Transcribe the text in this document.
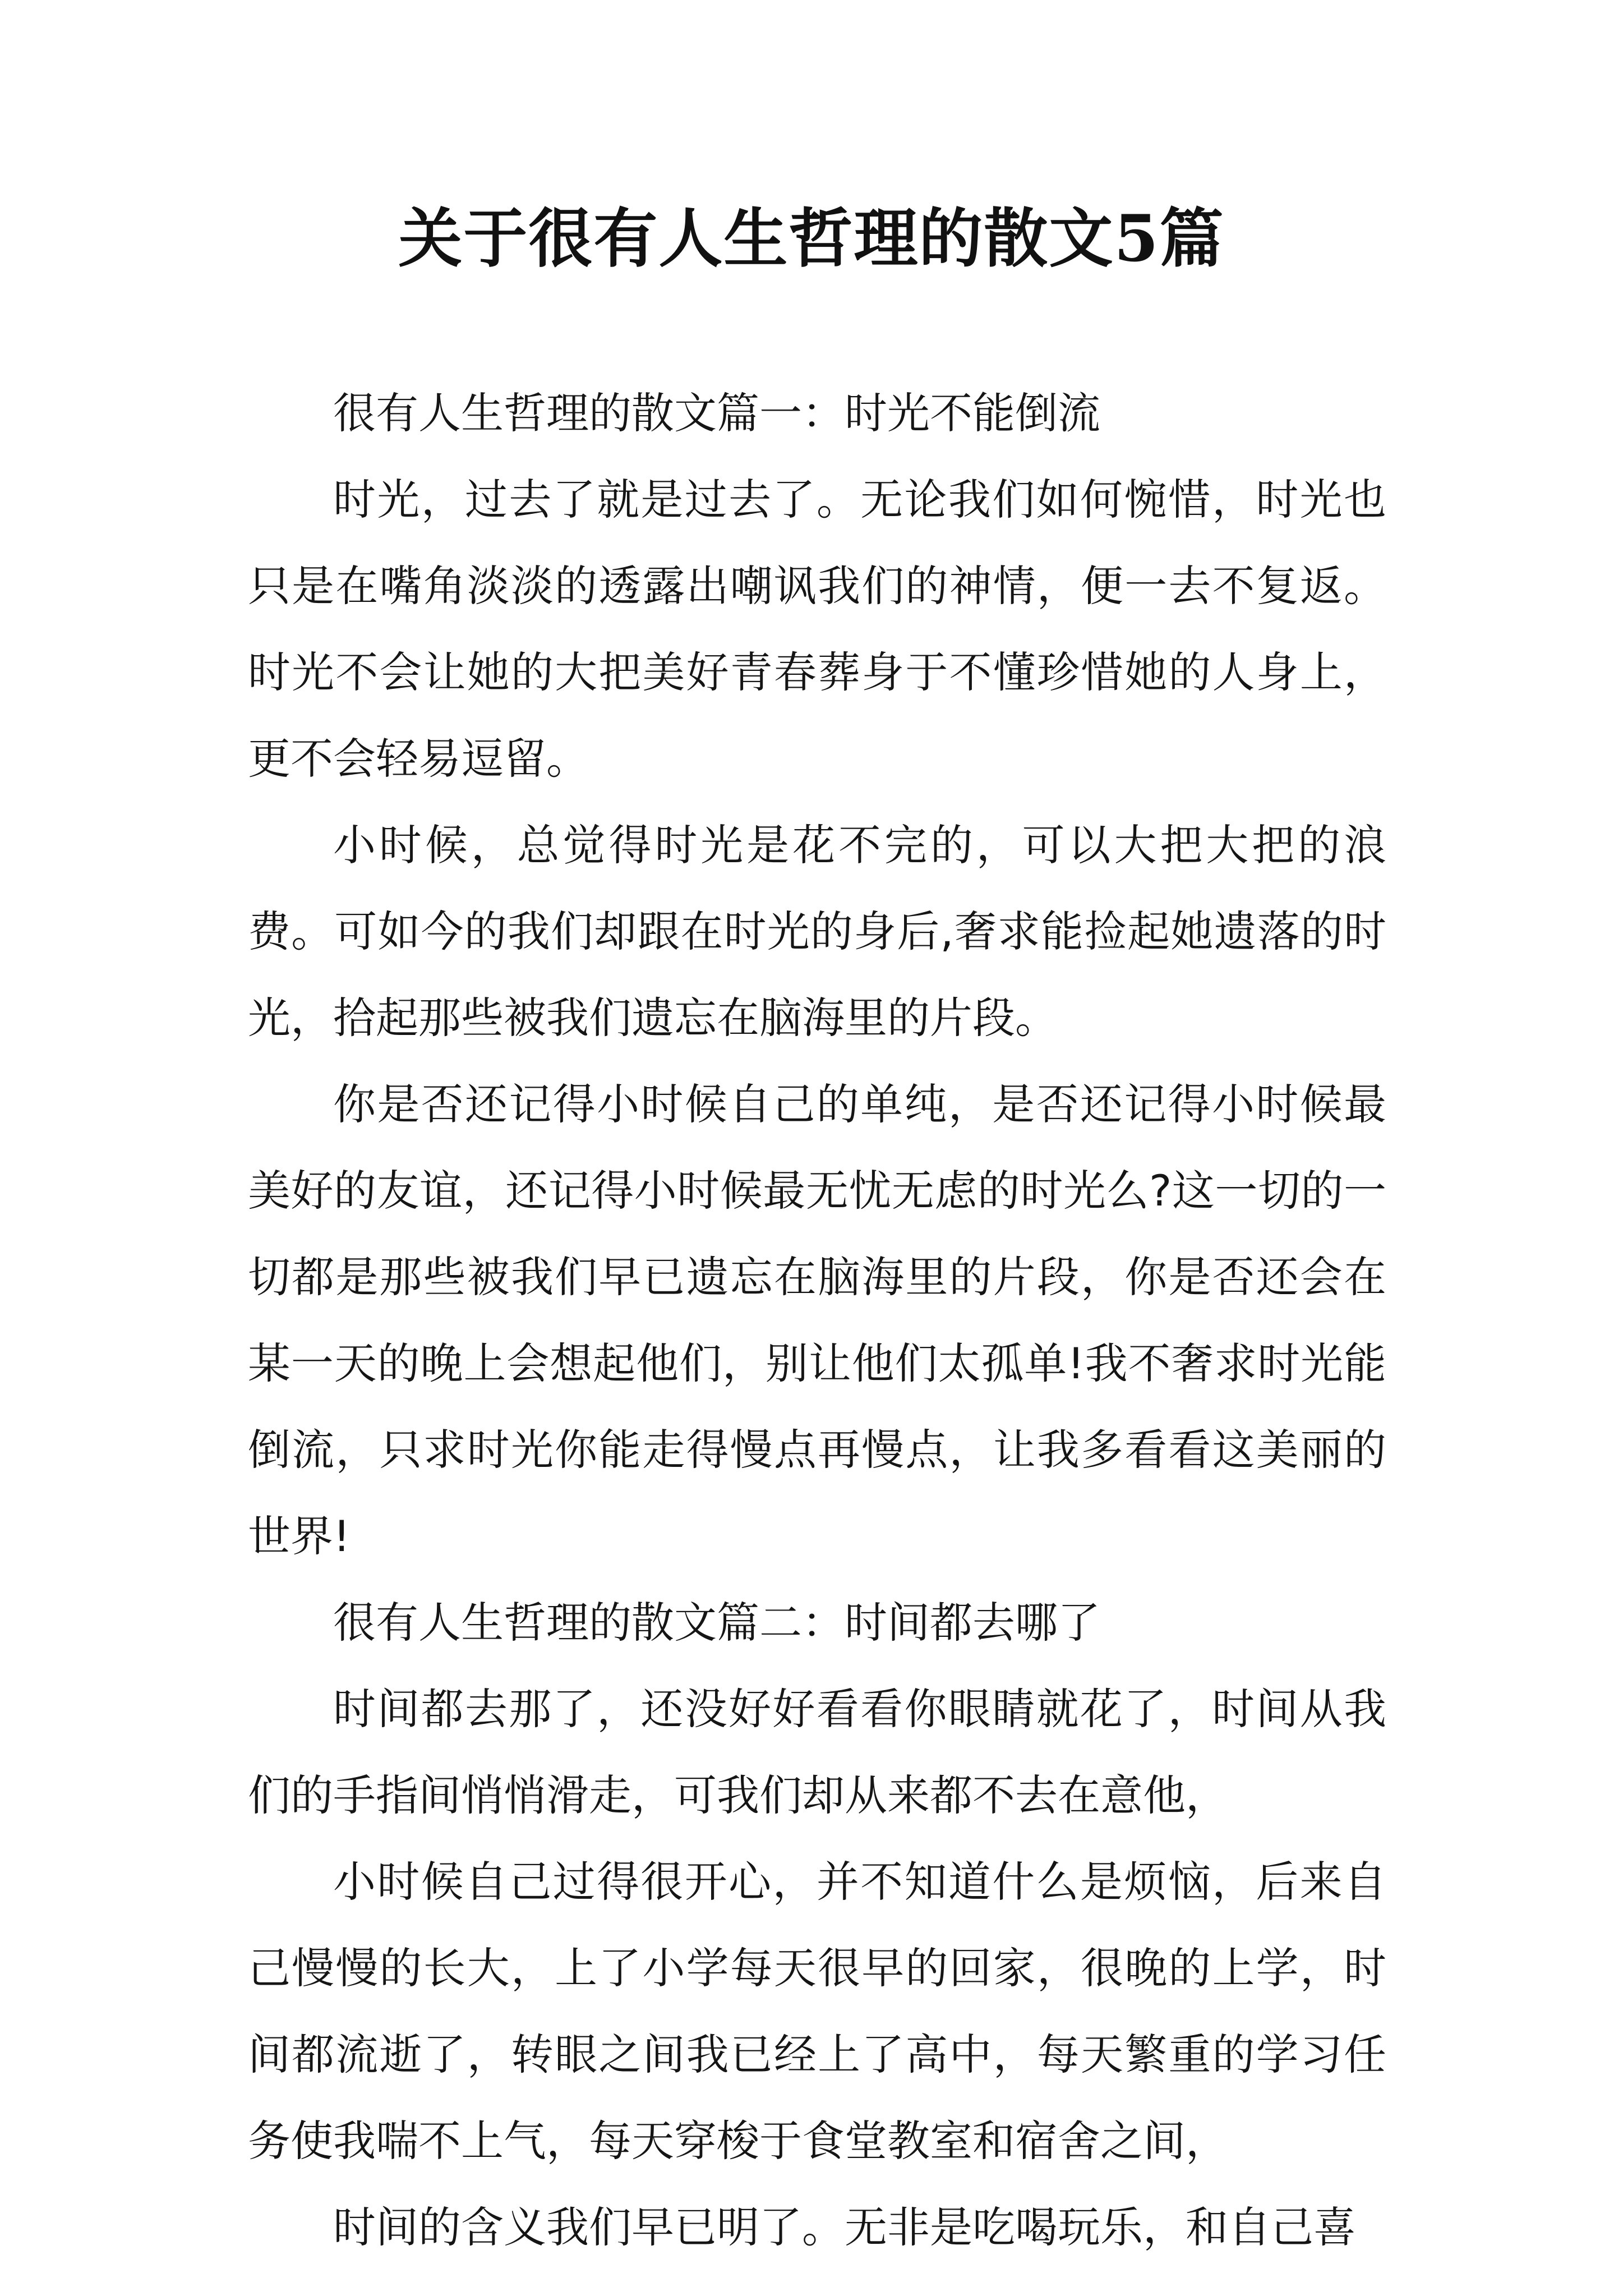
关于很有人生哲理的散文5篇

很有人生哲理的散文篇一：时光不能倒流

时光，过去了就是过去了。无论我们如何惋惜，时光也只是在嘴角淡淡的透露出嘲讽我们的神情，便一去不复返。时光不会让她的大把美好青春葬身于不懂珍惜她的人身上，更不会轻易逗留。

小时候，总觉得时光是花不完的，可以大把大把的浪费。可如今的我们却跟在时光的身后,奢求能捡起她遗落的时光，拾起那些被我们遗忘在脑海里的片段。

你是否还记得小时候自己的单纯，是否还记得小时候最美好的友谊，还记得小时候最无忧无虑的时光么?这一切的一切都是那些被我们早已遗忘在脑海里的片段，你是否还会在某一天的晚上会想起他们，别让他们太孤单!我不奢求时光能倒流，只求时光你能走得慢点再慢点，让我多看看这美丽的世界!

很有人生哲理的散文篇二：时间都去哪了

时间都去那了，还没好好看看你眼睛就花了，时间从我们的手指间悄悄滑走，可我们却从来都不去在意他，

小时候自己过得很开心，并不知道什么是烦恼，后来自己慢慢的长大，上了小学每天很早的回家，很晚的上学，时间都流逝了，转眼之间我已经上了高中，每天繁重的学习任务使我喘不上气，每天穿梭于食堂教室和宿舍之间，

时间的含义我们早已明了。无非是吃喝玩乐，和自己喜
